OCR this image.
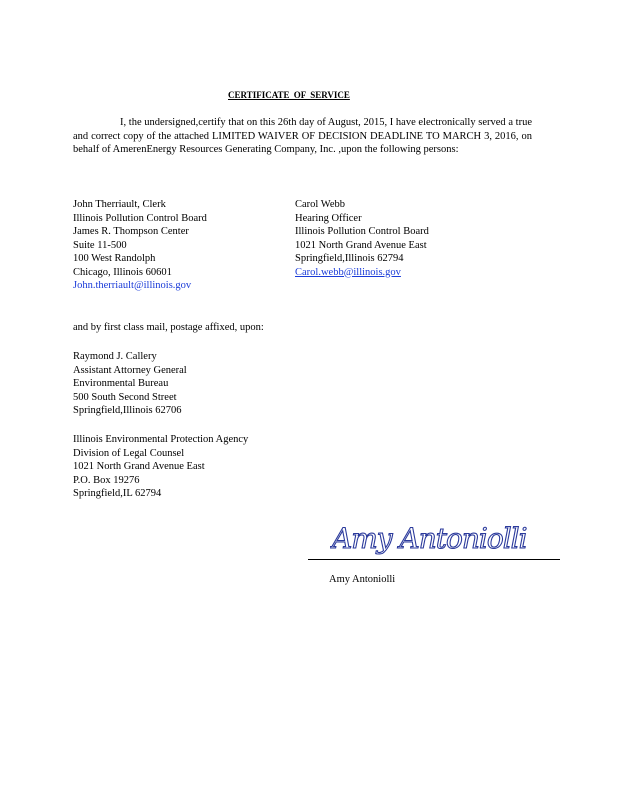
CERTIFICATE OF SERVICE
I, the undersigned,certify that on this 26th day of August, 2015, I have electronically served a true and correct copy of the attached LIMITED WAIVER OF DECISION DEADLINE TO MARCH 3, 2016, on behalf of AmerenEnergy Resources Generating Company, Inc. ,upon the following persons:
John Therriault, Clerk
Illinois Pollution Control Board
James R. Thompson Center
Suite 11-500
100 West Randolph
Chicago, Illinois 60601
John.therriault@illinois.gov
Carol Webb
Hearing Officer
Illinois Pollution Control Board
1021 North Grand Avenue East
Springfield,Illinois 62794
Carol.webb@illinois.gov
and by first class mail, postage affixed, upon:
Raymond J. Callery
Assistant Attorney General
Environmental Bureau
500 South Second Street
Springfield,Illinois 62706
Illinois Environmental Protection Agency
Division of Legal Counsel
1021 North Grand Avenue East
P.O. Box 19276
Springfield,IL 62794
Amy Antoniolli
Amy Antoniolli
